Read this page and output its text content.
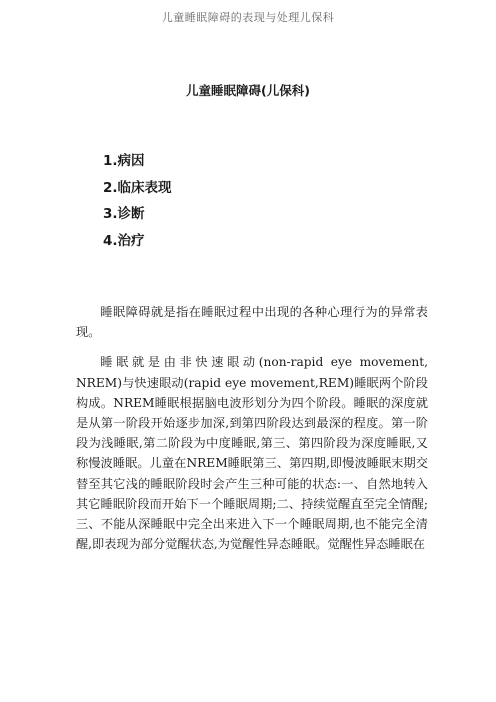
儿童睡眠障碍的表现与处理儿保科
儿童睡眠障碍(儿保科)
1.病因
2.临床表现
3.诊断
4.治疗

睡眠障碍就是指在睡眠过程中出现的各种心理行为的异常表现。

睡眠就是由非快速眼动(non-rapid eye movement, NREM)与快速眼动(rapid eye movement,REM)睡眠两个阶段构成。NREM睡眠根据脑电波形划分为四个阶段。睡眠的深度就是从第一阶段开始逐步加深,到第四阶段达到最深的程度。第一阶段为浅睡眠,第二阶段为中度睡眠,第三、第四阶段为深度睡眠,又称慢波睡眠。儿童在NREM睡眠第三、第四期,即慢波睡眠末期交替至其它浅的睡眠阶段时会产生三种可能的状态:一、自然地转入其它睡眠阶段而开始下一个睡眠周期;二、持续觉醒直至完全情醒;三、不能从深睡眠中完全出来进入下一个睡眠周期,也不能完全清醒,即表现为部分觉醒状态,为觉醒性异态睡眠。觉醒性异态睡眠在
